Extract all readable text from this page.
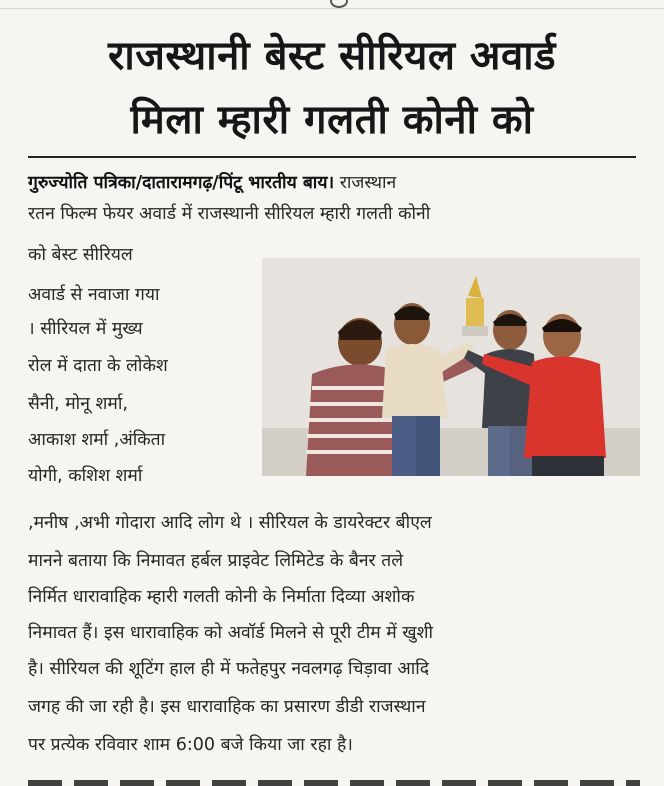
राजस्थानी बेस्ट सीरियल अवार्ड
मिला म्हारी गलती कोनी को
गुरुज्योति पत्रिका/दातारामगढ़/पिंटू भारतीय बाय। राजस्थान
रतन फिल्म फेयर अवार्ड में राजस्थानी सीरियल म्हारी गलती कोनी
को बेस्ट सीरियल
अवार्ड से नवाजा गया
। सीरियल में मुख्य
रोल में दाता के लोकेश
सैनी, मोनू शर्मा,
आकाश शर्मा ,अंकिता
योगी, कशिश शर्मा
,मनीष ,अभी गोदारा आदि लोग थे । सीरियल के डायरेक्टर बीएल
मानने बताया कि निमावत हर्बल प्राइवेट लिमिटेड के बैनर तले
निर्मित धारावाहिक म्हारी गलती कोनी के निर्माता दिव्या अशोक
निमावत हैं। इस धारावाहिक को अवॉर्ड मिलने से पूरी टीम में खुशी
है। सीरियल की शूटिंग हाल ही में फतेहपुर नवलगढ़ चिड़ावा आदि
जगह की जा रही है। इस धारावाहिक का प्रसारण डीडी राजस्थान
पर प्रत्येक रविवार शाम 6:00 बजे किया जा रहा है।
